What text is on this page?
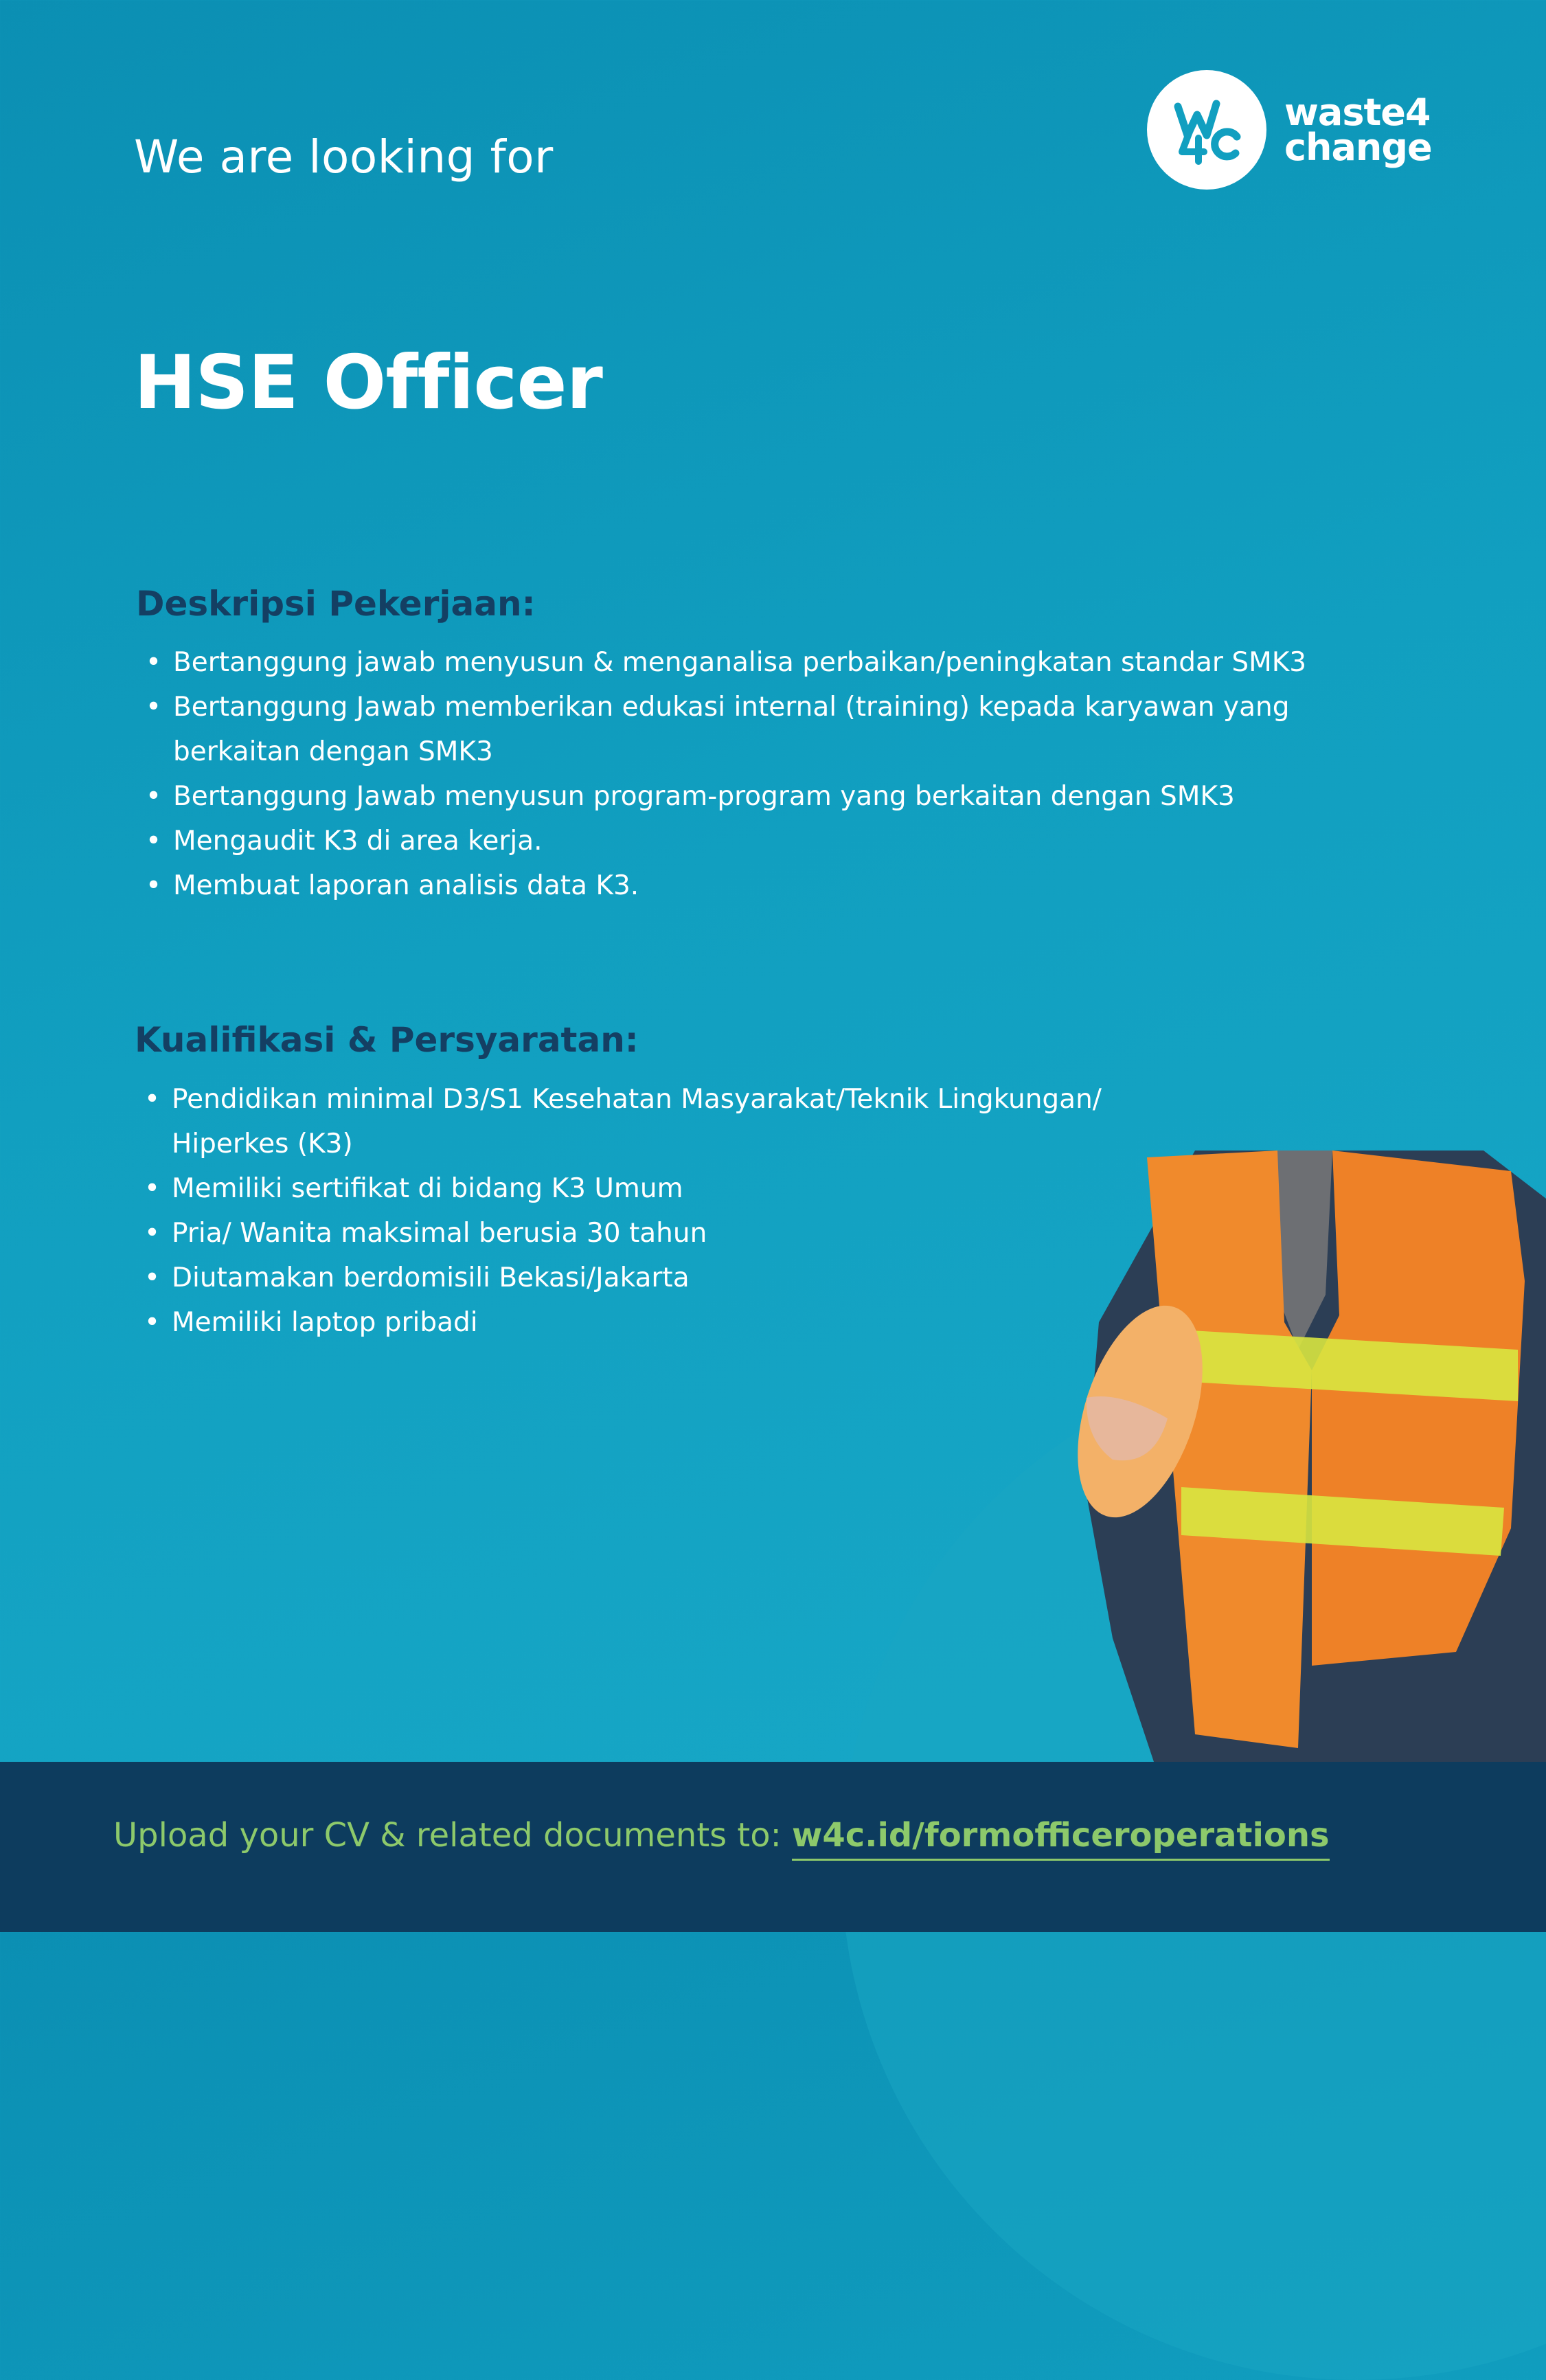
We are looking for
HSE Officer
waste4
change
Deskripsi Pekerjaan:
• Bertanggung jawab menyusun & menganalisa perbaikan/peningkatan standar SMK3
• Bertanggung Jawab memberikan edukasi internal (training) kepada karyawan yang berkaitan dengan SMK3
• Bertanggung Jawab menyusun program-program yang berkaitan dengan SMK3
• Mengaudit K3 di area kerja.
• Membuat laporan analisis data K3.
Kualifikasi & Persyaratan:
• Pendidikan minimal D3/S1 Kesehatan Masyarakat/Teknik Lingkungan/ Hiperkes (K3)
• Memiliki sertifikat di bidang K3 Umum
• Pria/ Wanita maksimal berusia 30 tahun
• Diutamakan berdomisili Bekasi/Jakarta
• Memiliki laptop pribadi
Upload your CV & related documents to: w4c.id/formofficeroperations
